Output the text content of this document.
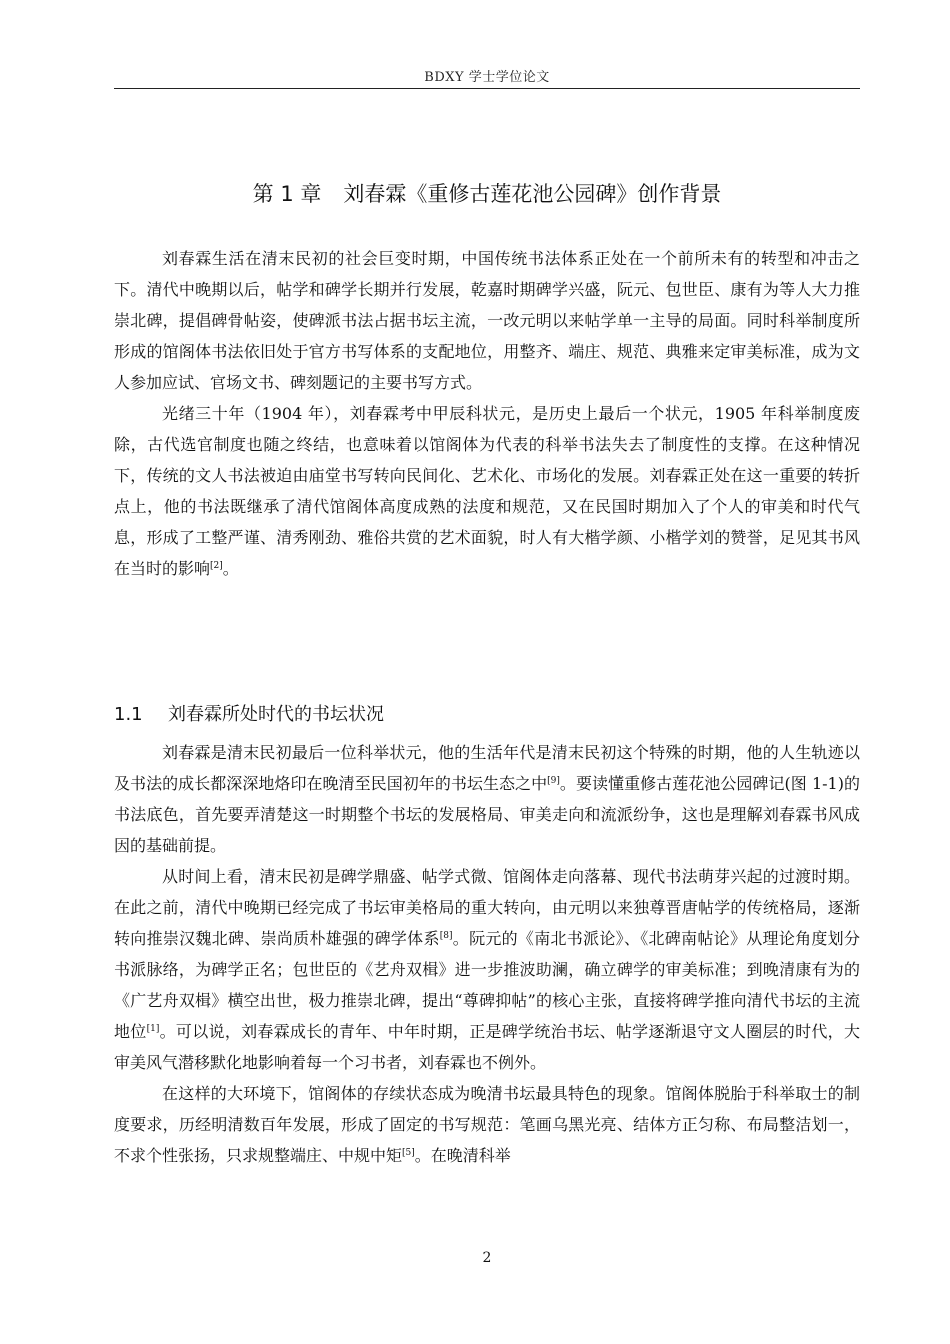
BDXY 学士学位论文
第 1 章 刘春霖《重修古莲花池公园碑》创作背景

刘春霖生活在清末民初的社会巨变时期，中国传统书法体系正处在一个前所未有的转型和冲击之下。清代中晚期以后，帖学和碑学长期并行发展，乾嘉时期碑学兴盛，阮元、包世臣、康有为等人大力推崇北碑，提倡碑骨帖姿，使碑派书法占据书坛主流，一改元明以来帖学单一主导的局面。同时科举制度所形成的馆阁体书法依旧处于官方书写体系的支配地位，用整齐、端庄、规范、典雅来定审美标准，成为文人参加应试、官场文书、碑刻题记的主要书写方式。

光绪三十年（1904 年），刘春霖考中甲辰科状元，是历史上最后一个状元，1905 年科举制度废除，古代选官制度也随之终结，也意味着以馆阁体为代表的科举书法失去了制度性的支撑。在这种情况下，传统的文人书法被迫由庙堂书写转向民间化、艺术化、市场化的发展。刘春霖正处在这一重要的转折点上，他的书法既继承了清代馆阁体高度成熟的法度和规范，又在民国时期加入了个人的审美和时代气息，形成了工整严谨、清秀刚劲、雅俗共赏的艺术面貌，时人有大楷学颜、小楷学刘的赞誉，足见其书风在当时的影响[2]。

1.1 刘春霖所处时代的书坛状况

刘春霖是清末民初最后一位科举状元，他的生活年代是清末民初这个特殊的时期，他的人生轨迹以及书法的成长都深深地烙印在晚清至民国初年的书坛生态之中[9]。要读懂重修古莲花池公园碑记(图 1-1)的书法底色，首先要弄清楚这一时期整个书坛的发展格局、审美走向和流派纷争，这也是理解刘春霖书风成因的基础前提。

从时间上看，清末民初是碑学鼎盛、帖学式微、馆阁体走向落幕、现代书法萌芽兴起的过渡时期。在此之前，清代中晚期已经完成了书坛审美格局的重大转向，由元明以来独尊晋唐帖学的传统格局，逐渐转向推崇汉魏北碑、崇尚质朴雄强的碑学体系[8]。阮元的《南北书派论》、《北碑南帖论》从理论角度划分书派脉络，为碑学正名；包世臣的《艺舟双楫》进一步推波助澜，确立碑学的审美标准；到晚清康有为的《广艺舟双楫》横空出世，极力推崇北碑，提出“尊碑抑帖”的核心主张，直接将碑学推向清代书坛的主流地位[1]。可以说，刘春霖成长的青年、中年时期，正是碑学统治书坛、帖学逐渐退守文人圈层的时代，大审美风气潜移默化地影响着每一个习书者，刘春霖也不例外。

在这样的大环境下，馆阁体的存续状态成为晚清书坛最具特色的现象。馆阁体脱胎于科举取士的制度要求，历经明清数百年发展，形成了固定的书写规范：笔画乌黑光亮、结体方正匀称、布局整洁划一，不求个性张扬，只求规整端庄、中规中矩[5]。在晚清科举

2
